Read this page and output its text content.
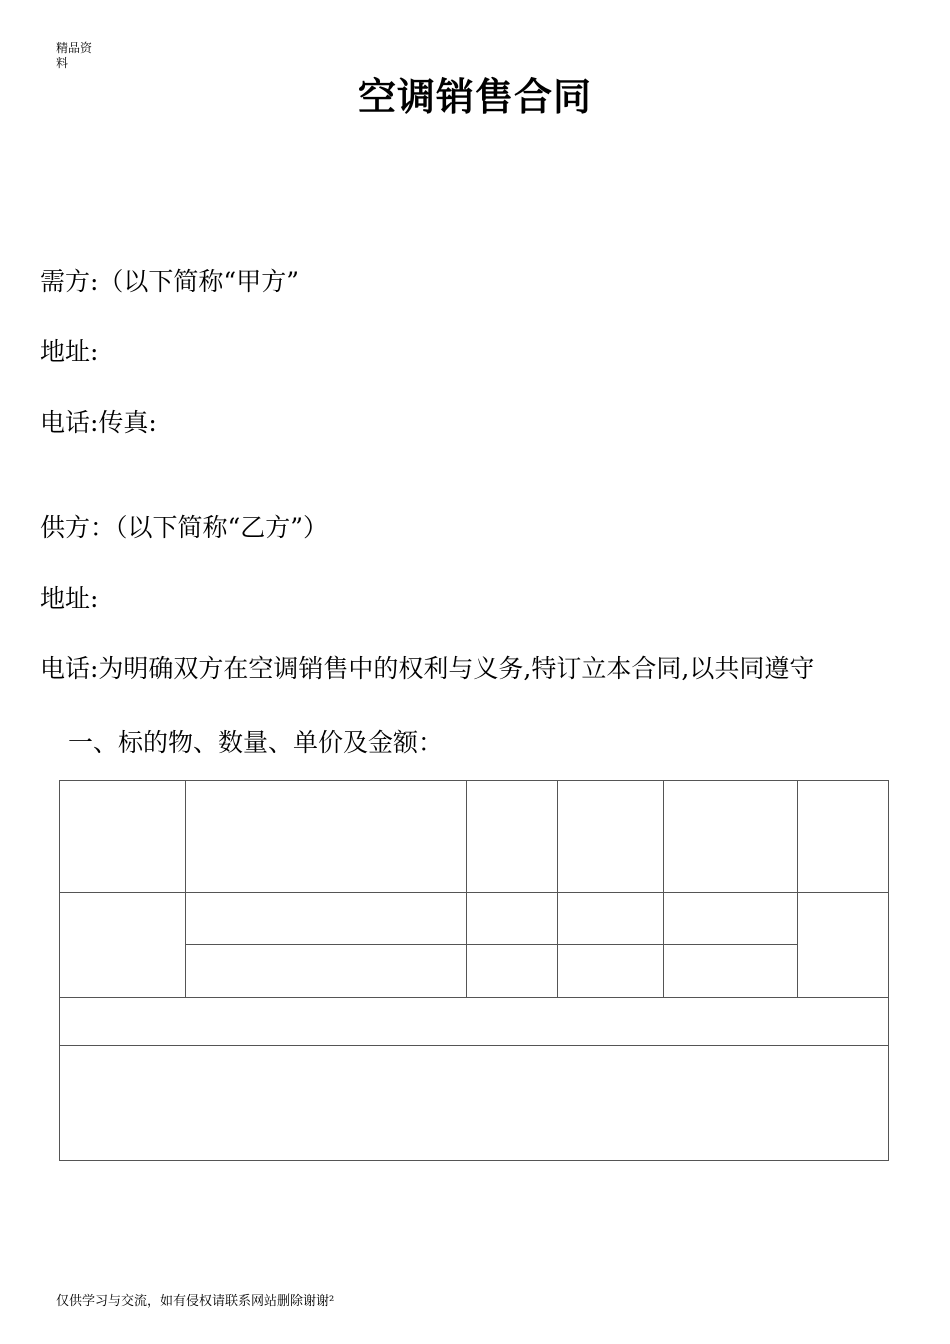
精品资料
空调销售合同
需方:（以下简称“甲方”
地址:
电话:传真:
供方：（以下简称“乙方”）
地址:
电话:为明确双方在空调销售中的权利与义务,特订立本合同,以共同遵守
一、标的物、数量、单价及金额：

仅供学习与交流，如有侵权请联系网站删除谢谢²
